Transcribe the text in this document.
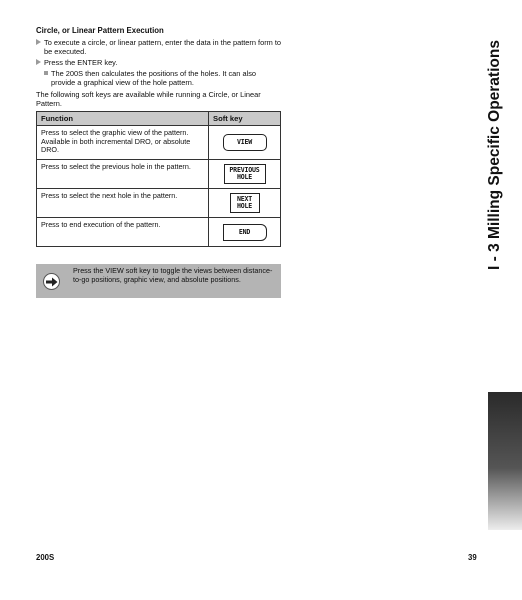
Circle, or Linear Pattern Execution
To execute a circle, or linear pattern, enter the data in the pattern form to be executed.
Press the ENTER key.
The 200S then calculates the positions of the holes. It can also provide a graphical view of the hole pattern.
The following soft keys are available while running a Circle, or Linear Pattern.
Function	Soft key
Press to select the graphic view of the pattern. Available in both incremental DRO, or absolute DRO.	VIEW
Press to select the previous hole in the pattern.	PREVIOUS
HOLE
Press to select the next hole in the pattern.	NEXT
HOLE
Press to end execution of the pattern.	END
Press the VIEW soft key to toggle the views between distance-to-go positions, graphic view, and absolute positions.
I - 3 Milling Specific Operations
200S	39
